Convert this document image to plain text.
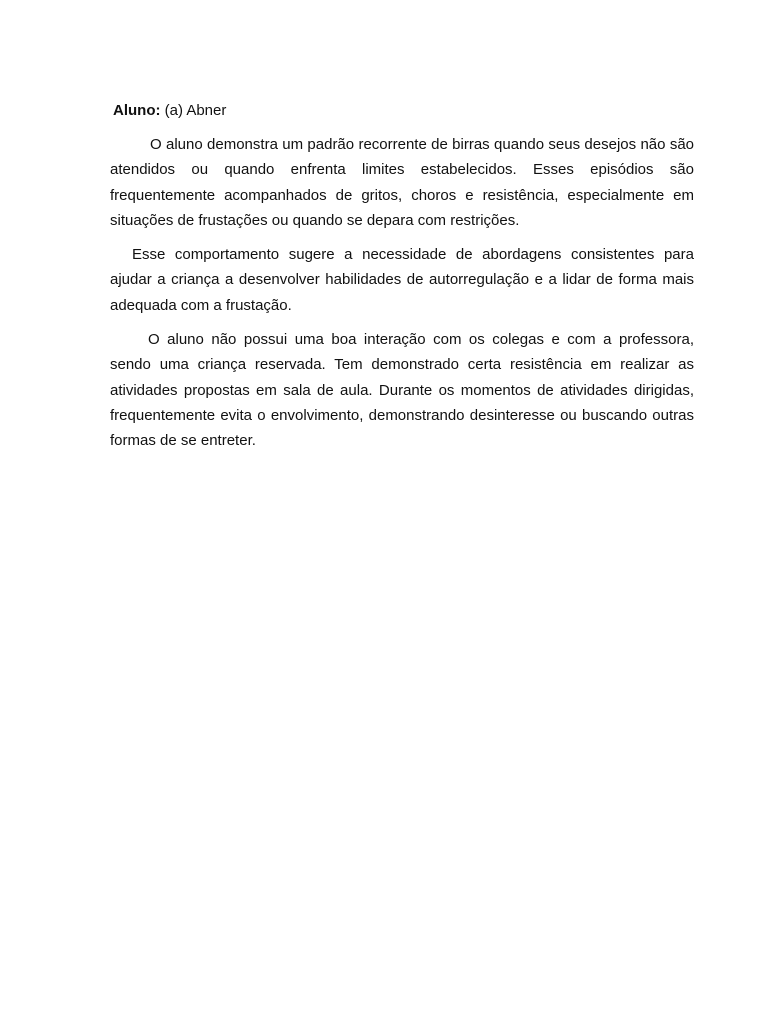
Aluno: (a) Abner

O aluno demonstra um padrão recorrente de birras quando seus desejos não são atendidos ou quando enfrenta limites estabelecidos. Esses episódios são frequentemente acompanhados de gritos, choros e resistência, especialmente em situações de frustações ou quando se depara com restrições.

Esse comportamento sugere a necessidade de abordagens consistentes para ajudar a criança a desenvolver habilidades de autorregulação e a lidar de forma mais adequada com a frustação.

O aluno não possui uma boa interação com os colegas e com a professora, sendo uma criança reservada. Tem demonstrado certa resistência em realizar as atividades propostas em sala de aula. Durante os momentos de atividades dirigidas, frequentemente evita o envolvimento, demonstrando desinteresse ou buscando outras formas de se entreter.
